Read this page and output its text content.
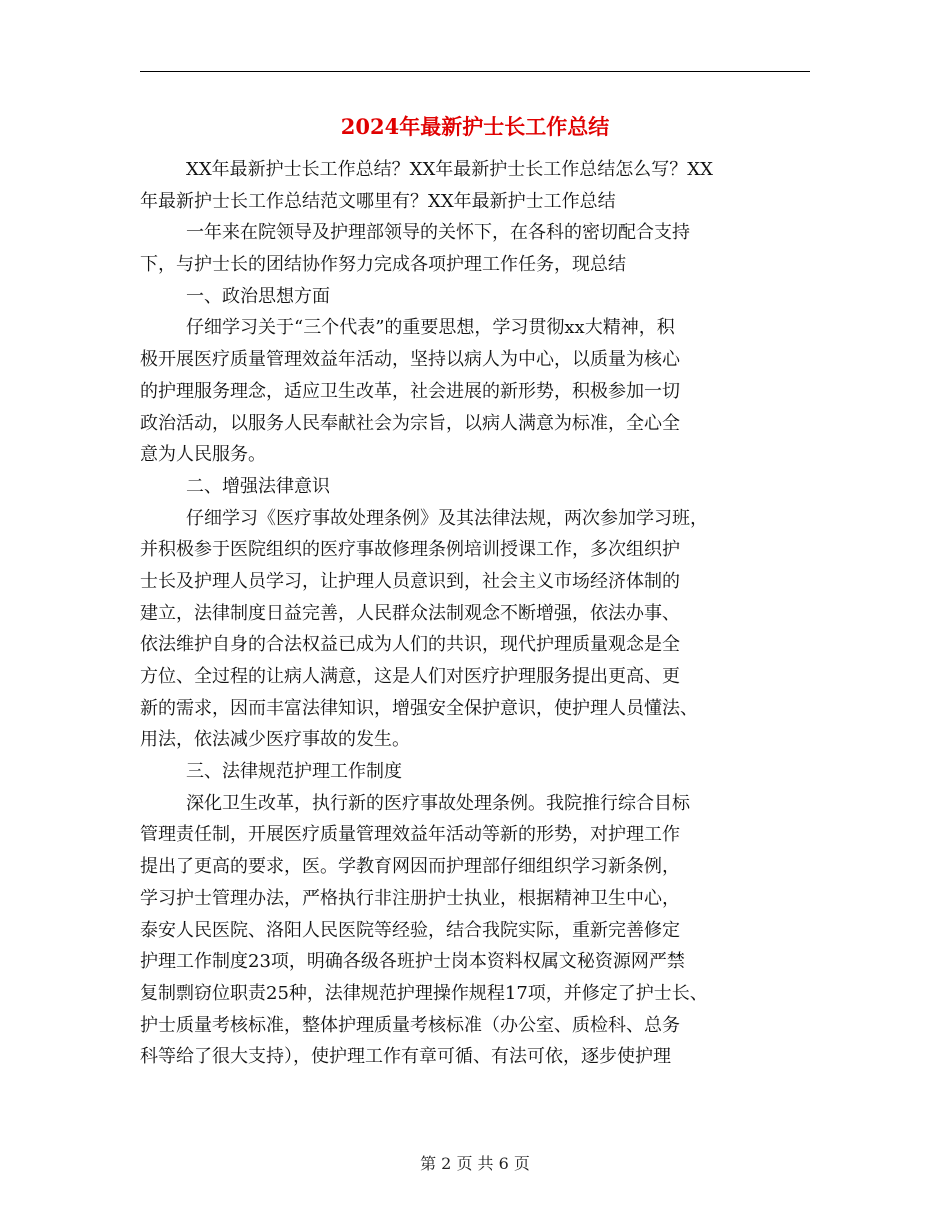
2024年最新护士长工作总结
XX年最新护士长工作总结？XX年最新护士长工作总结怎么写？XX
年最新护士长工作总结范文哪里有？XX年最新护士工作总结
一年来在院领导及护理部领导的关怀下，在各科的密切配合支持
下，与护士长的团结协作努力完成各项护理工作任务，现总结
一、政治思想方面
仔细学习关于“三个代表”的重要思想，学习贯彻xx大精神，积
极开展医疗质量管理效益年活动，坚持以病人为中心，以质量为核心
的护理服务理念，适应卫生改革，社会进展的新形势，积极参加一切
政治活动，以服务人民奉献社会为宗旨，以病人满意为标准，全心全
意为人民服务。
二、增强法律意识
仔细学习《医疗事故处理条例》及其法律法规，两次参加学习班，
并积极参于医院组织的医疗事故修理条例培训授课工作，多次组织护
士长及护理人员学习，让护理人员意识到，社会主义市场经济体制的
建立，法律制度日益完善，人民群众法制观念不断增强，依法办事、
依法维护自身的合法权益已成为人们的共识，现代护理质量观念是全
方位、全过程的让病人满意，这是人们对医疗护理服务提出更高、更
新的需求，因而丰富法律知识，增强安全保护意识，使护理人员懂法、
用法，依法减少医疗事故的发生。
三、法律规范护理工作制度
深化卫生改革，执行新的医疗事故处理条例。我院推行综合目标
管理责任制，开展医疗质量管理效益年活动等新的形势，对护理工作
提出了更高的要求，医。学教育网因而护理部仔细组织学习新条例，
学习护士管理办法，严格执行非注册护士执业，根据精神卫生中心，
泰安人民医院、洛阳人民医院等经验，结合我院实际，重新完善修定
护理工作制度23项，明确各级各班护士岗本资料权属文秘资源网严禁
复制剽窃位职责25种，法律规范护理操作规程17项，并修定了护士长、
护士质量考核标准，整体护理质量考核标准（办公室、质检科、总务
科等给了很大支持），使护理工作有章可循、有法可依，逐步使护理
第 2 页 共 6 页
